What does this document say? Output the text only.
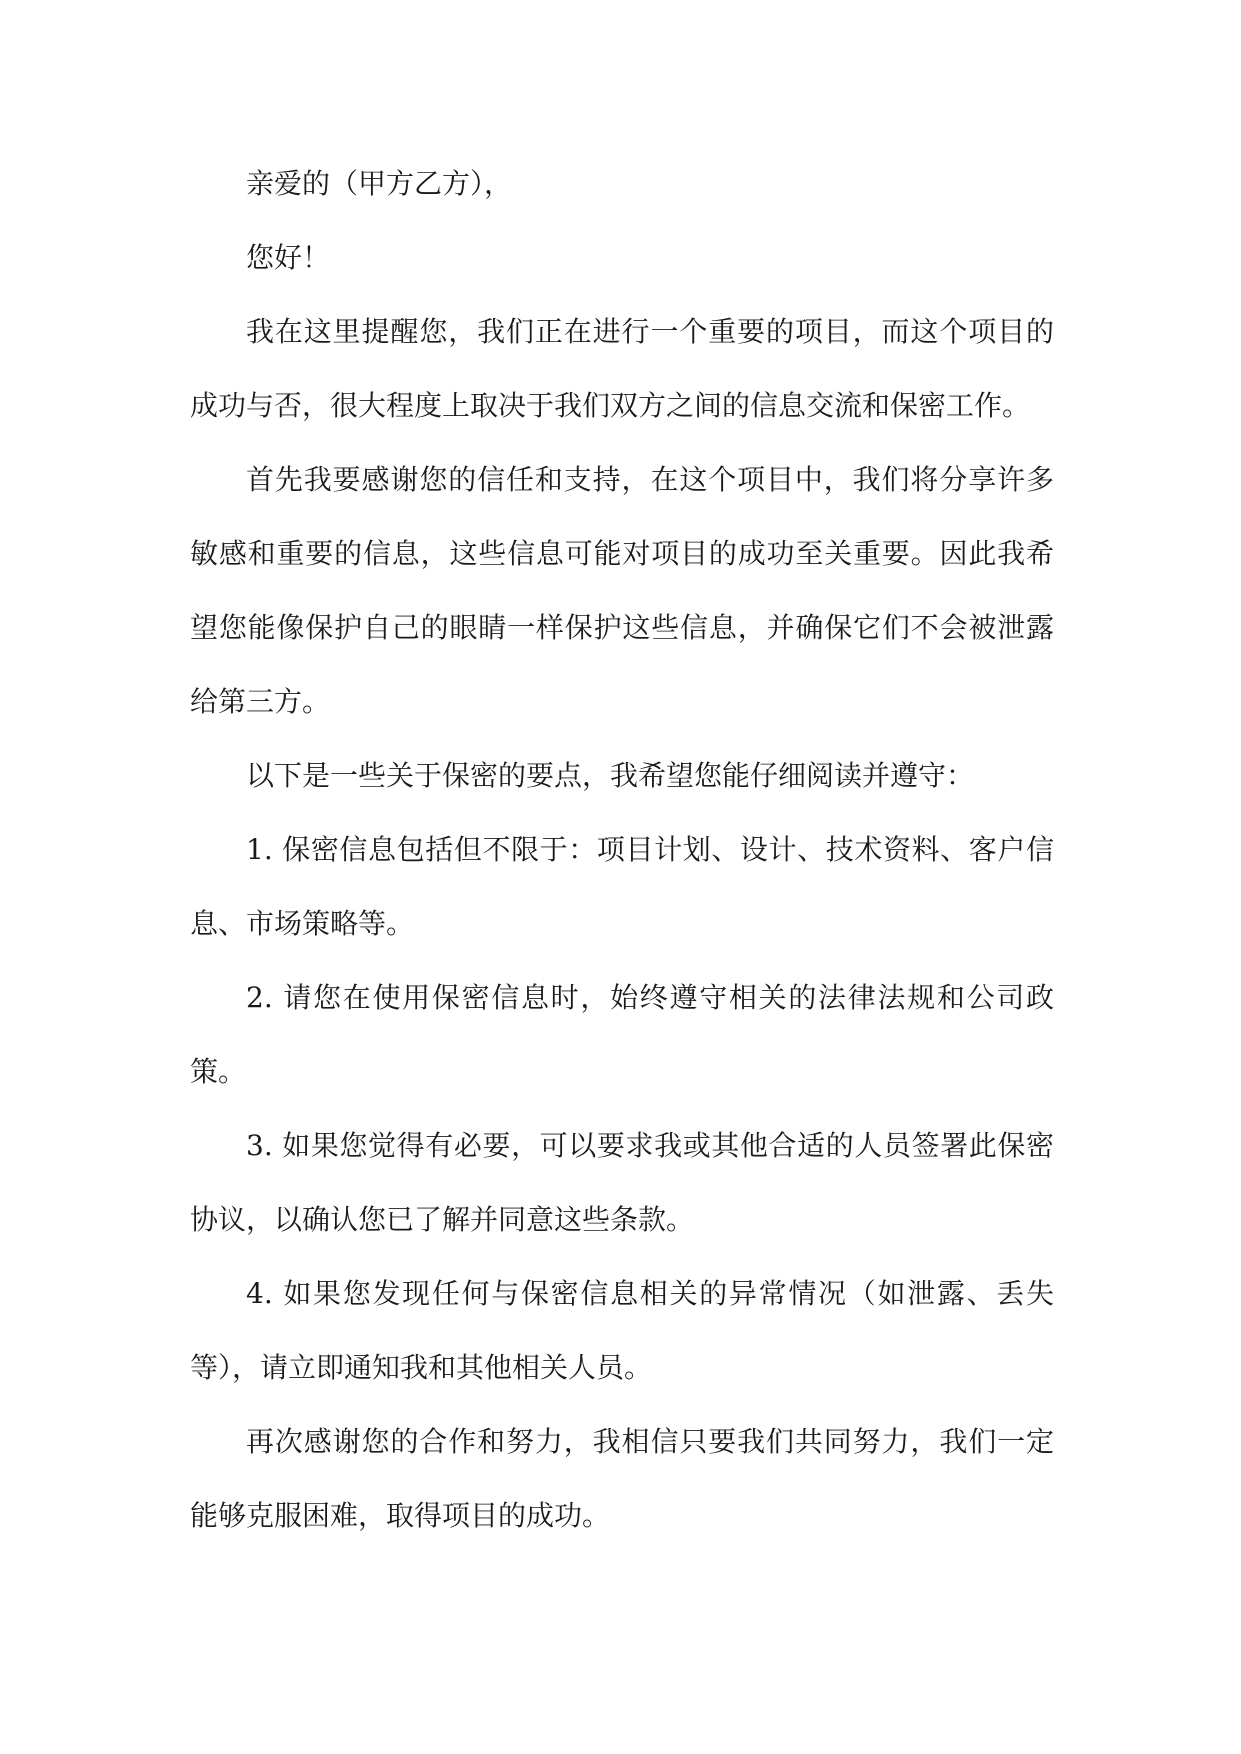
亲爱的（甲方乙方），

您好！

我在这里提醒您，我们正在进行一个重要的项目，而这个项目的成功与否，很大程度上取决于我们双方之间的信息交流和保密工作。

首先我要感谢您的信任和支持，在这个项目中，我们将分享许多敏感和重要的信息，这些信息可能对项目的成功至关重要。因此我希望您能像保护自己的眼睛一样保护这些信息，并确保它们不会被泄露给第三方。

以下是一些关于保密的要点，我希望您能仔细阅读并遵守：

1. 保密信息包括但不限于：项目计划、设计、技术资料、客户信息、市场策略等。

2. 请您在使用保密信息时，始终遵守相关的法律法规和公司政策。

3. 如果您觉得有必要，可以要求我或其他合适的人员签署此保密协议，以确认您已了解并同意这些条款。

4. 如果您发现任何与保密信息相关的异常情况（如泄露、丢失等），请立即通知我和其他相关人员。

再次感谢您的合作和努力，我相信只要我们共同努力，我们一定能够克服困难，取得项目的成功。
